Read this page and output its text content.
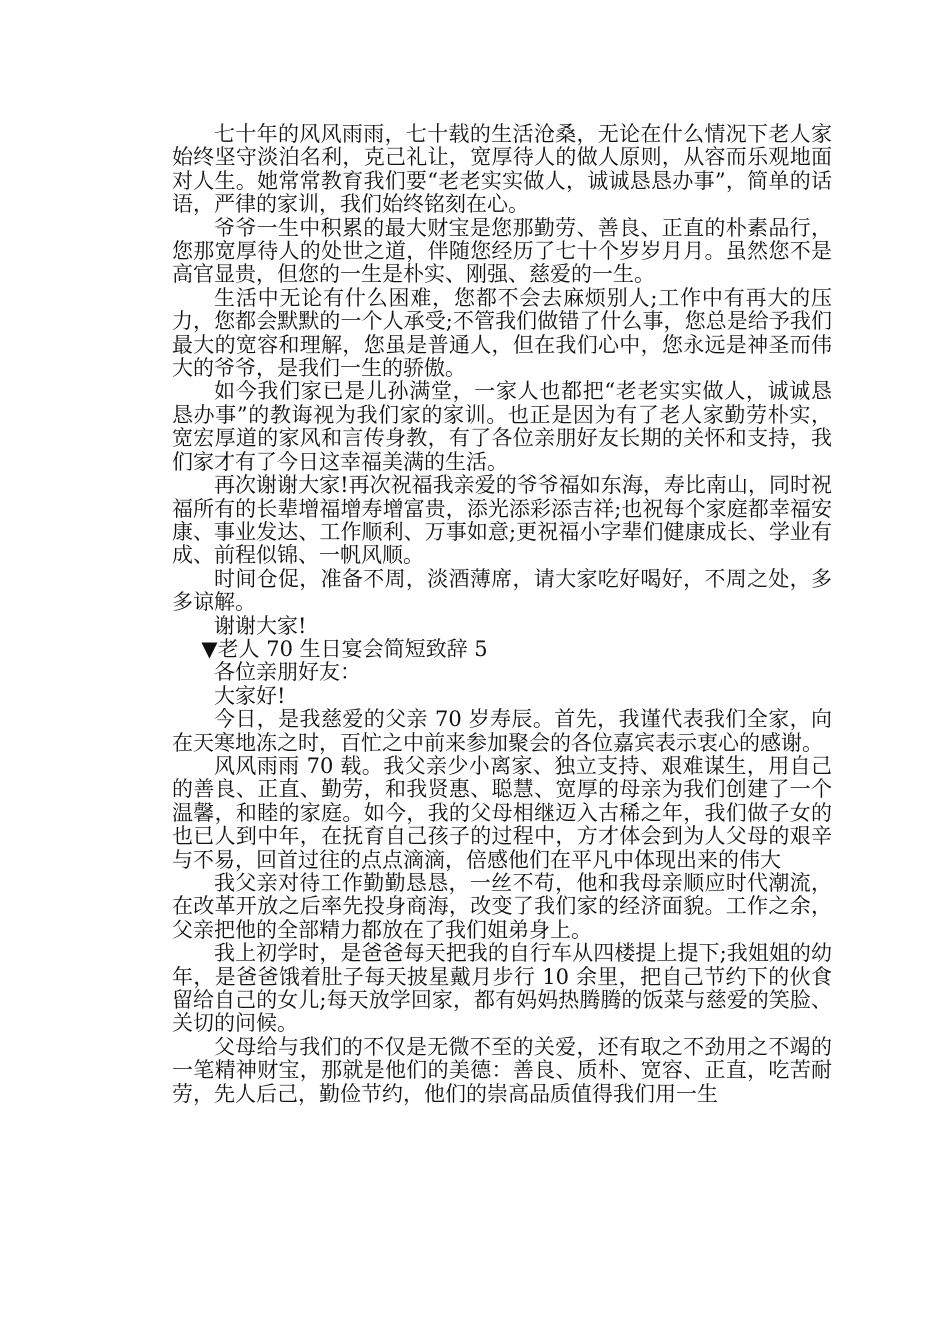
七十年的风风雨雨，七十载的生活沧桑，无论在什么情况下老人家始终坚守淡泊名利，克己礼让，宽厚待人的做人原则，从容而乐观地面对人生。她常常教育我们要“老老实实做人，诚诚恳恳办事”，简单的话语，严律的家训，我们始终铭刻在心。

爷爷一生中积累的最大财宝是您那勤劳、善良、正直的朴素品行，您那宽厚待人的处世之道，伴随您经历了七十个岁岁月月。虽然您不是高官显贵，但您的一生是朴实、刚强、慈爱的一生。

生活中无论有什么困难，您都不会去麻烦别人;工作中有再大的压力，您都会默默的一个人承受;不管我们做错了什么事，您总是给予我们最大的宽容和理解，您虽是普通人，但在我们心中，您永远是神圣而伟大的爷爷，是我们一生的骄傲。

如今我们家已是儿孙满堂，一家人也都把“老老实实做人，诚诚恳恳办事”的教诲视为我们家的家训。也正是因为有了老人家勤劳朴实，宽宏厚道的家风和言传身教，有了各位亲朋好友长期的关怀和支持，我们家才有了今日这幸福美满的生活。

再次谢谢大家!再次祝福我亲爱的爷爷福如东海，寿比南山，同时祝福所有的长辈增福增寿增富贵，添光添彩添吉祥;也祝每个家庭都幸福安康、事业发达、工作顺利、万事如意;更祝福小字辈们健康成长、学业有成、前程似锦、一帆风顺。

时间仓促，准备不周，淡酒薄席，请大家吃好喝好，不周之处，多多谅解。

谢谢大家!

▼老人 70 生日宴会简短致辞 5

各位亲朋好友：

大家好!

今日，是我慈爱的父亲 70 岁寿辰。首先，我谨代表我们全家，向在天寒地冻之时，百忙之中前来参加聚会的各位嘉宾表示衷心的感谢。

风风雨雨 70 载。我父亲少小离家、独立支持、艰难谋生，用自己的善良、正直、勤劳，和我贤惠、聪慧、宽厚的母亲为我们创建了一个温馨，和睦的家庭。如今，我的父母相继迈入古稀之年，我们做子女的也已人到中年，在抚育自己孩子的过程中，方才体会到为人父母的艰辛与不易，回首过往的点点滴滴，倍感他们在平凡中体现出来的伟大

我父亲对待工作勤勤恳恳，一丝不苟，他和我母亲顺应时代潮流，在改革开放之后率先投身商海，改变了我们家的经济面貌。工作之余，父亲把他的全部精力都放在了我们姐弟身上。

我上初学时，是爸爸每天把我的自行车从四楼提上提下;我姐姐的幼年，是爸爸饿着肚子每天披星戴月步行 10 余里，把自己节约下的伙食留给自己的女儿;每天放学回家，都有妈妈热腾腾的饭菜与慈爱的笑脸、关切的问候。

父母给与我们的不仅是无微不至的关爱，还有取之不劲用之不竭的一笔精神财宝，那就是他们的美德：善良、质朴、宽容、正直，吃苦耐劳，先人后己，勤俭节约，他们的崇高品质值得我们用一生
